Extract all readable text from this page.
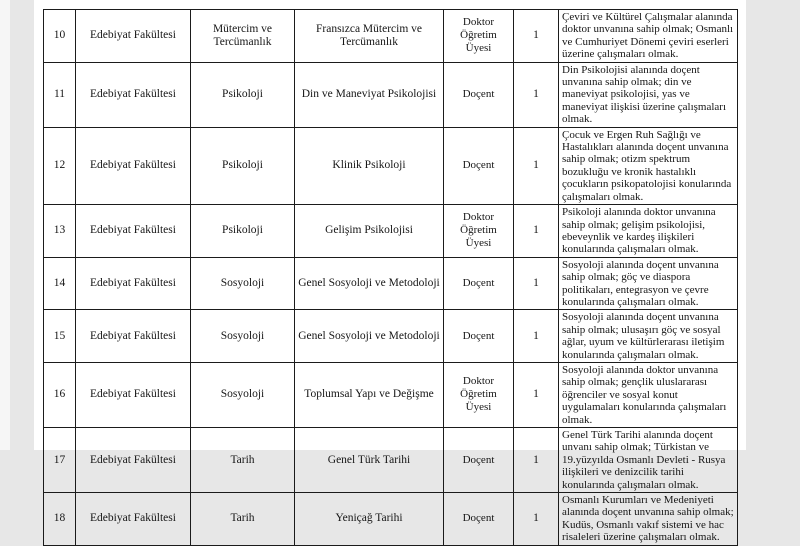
10	Edebiyat Fakültesi	Mütercim ve Tercümanlık	Fransızca Mütercim ve Tercümanlık	Doktor Öğretim Üyesi	1	Çeviri ve Kültürel Çalışmalar alanında doktor unvanına sahip olmak; Osmanlı ve Cumhuriyet Dönemi çeviri eserleri üzerine çalışmaları olmak.
11	Edebiyat Fakültesi	Psikoloji	Din ve Maneviyat Psikolojisi	Doçent	1	Din Psikolojisi alanında doçent unvanına sahip olmak; din ve maneviyat psikolojisi, yas ve maneviyat ilişkisi üzerine çalışmaları olmak.
12	Edebiyat Fakültesi	Psikoloji	Klinik Psikoloji	Doçent	1	Çocuk ve Ergen Ruh Sağlığı ve Hastalıkları alanında doçent unvanına sahip olmak; otizm spektrum bozukluğu ve kronik hastalıklı çocukların psikopatolojisi konularında çalışmaları olmak.
13	Edebiyat Fakültesi	Psikoloji	Gelişim Psikolojisi	Doktor Öğretim Üyesi	1	Psikoloji alanında doktor unvanına sahip olmak; gelişim psikolojisi, ebeveynlik ve kardeş ilişkileri konularında çalışmaları olmak.
14	Edebiyat Fakültesi	Sosyoloji	Genel Sosyoloji ve Metodoloji	Doçent	1	Sosyoloji alanında doçent unvanına sahip olmak; göç ve diaspora politikaları, entegrasyon ve çevre konularında çalışmaları olmak.
15	Edebiyat Fakültesi	Sosyoloji	Genel Sosyoloji ve Metodoloji	Doçent	1	Sosyoloji alanında doçent unvanına sahip olmak; ulusaşırı göç ve sosyal ağlar, uyum ve kültürlerarası iletişim konularında çalışmaları olmak.
16	Edebiyat Fakültesi	Sosyoloji	Toplumsal Yapı ve Değişme	Doktor Öğretim Üyesi	1	Sosyoloji alanında doktor unvanına sahip olmak; gençlik uluslararası öğrenciler ve sosyal konut uygulamaları konularında çalışmaları olmak.
17	Edebiyat Fakültesi	Tarih	Genel Türk Tarihi	Doçent	1	Genel Türk Tarihi alanında doçent unvanı sahip olmak; Türkistan ve 19.yüzyılda Osmanlı Devleti - Rusya ilişkileri ve denizcilik tarihi konularında çalışmaları olmak.
18	Edebiyat Fakültesi	Tarih	Yeniçağ Tarihi	Doçent	1	Osmanlı Kurumları ve Medeniyeti alanında doçent unvanına sahip olmak; Kudüs, Osmanlı vakıf sistemi ve hac risaleleri üzerine çalışmaları olmak.
